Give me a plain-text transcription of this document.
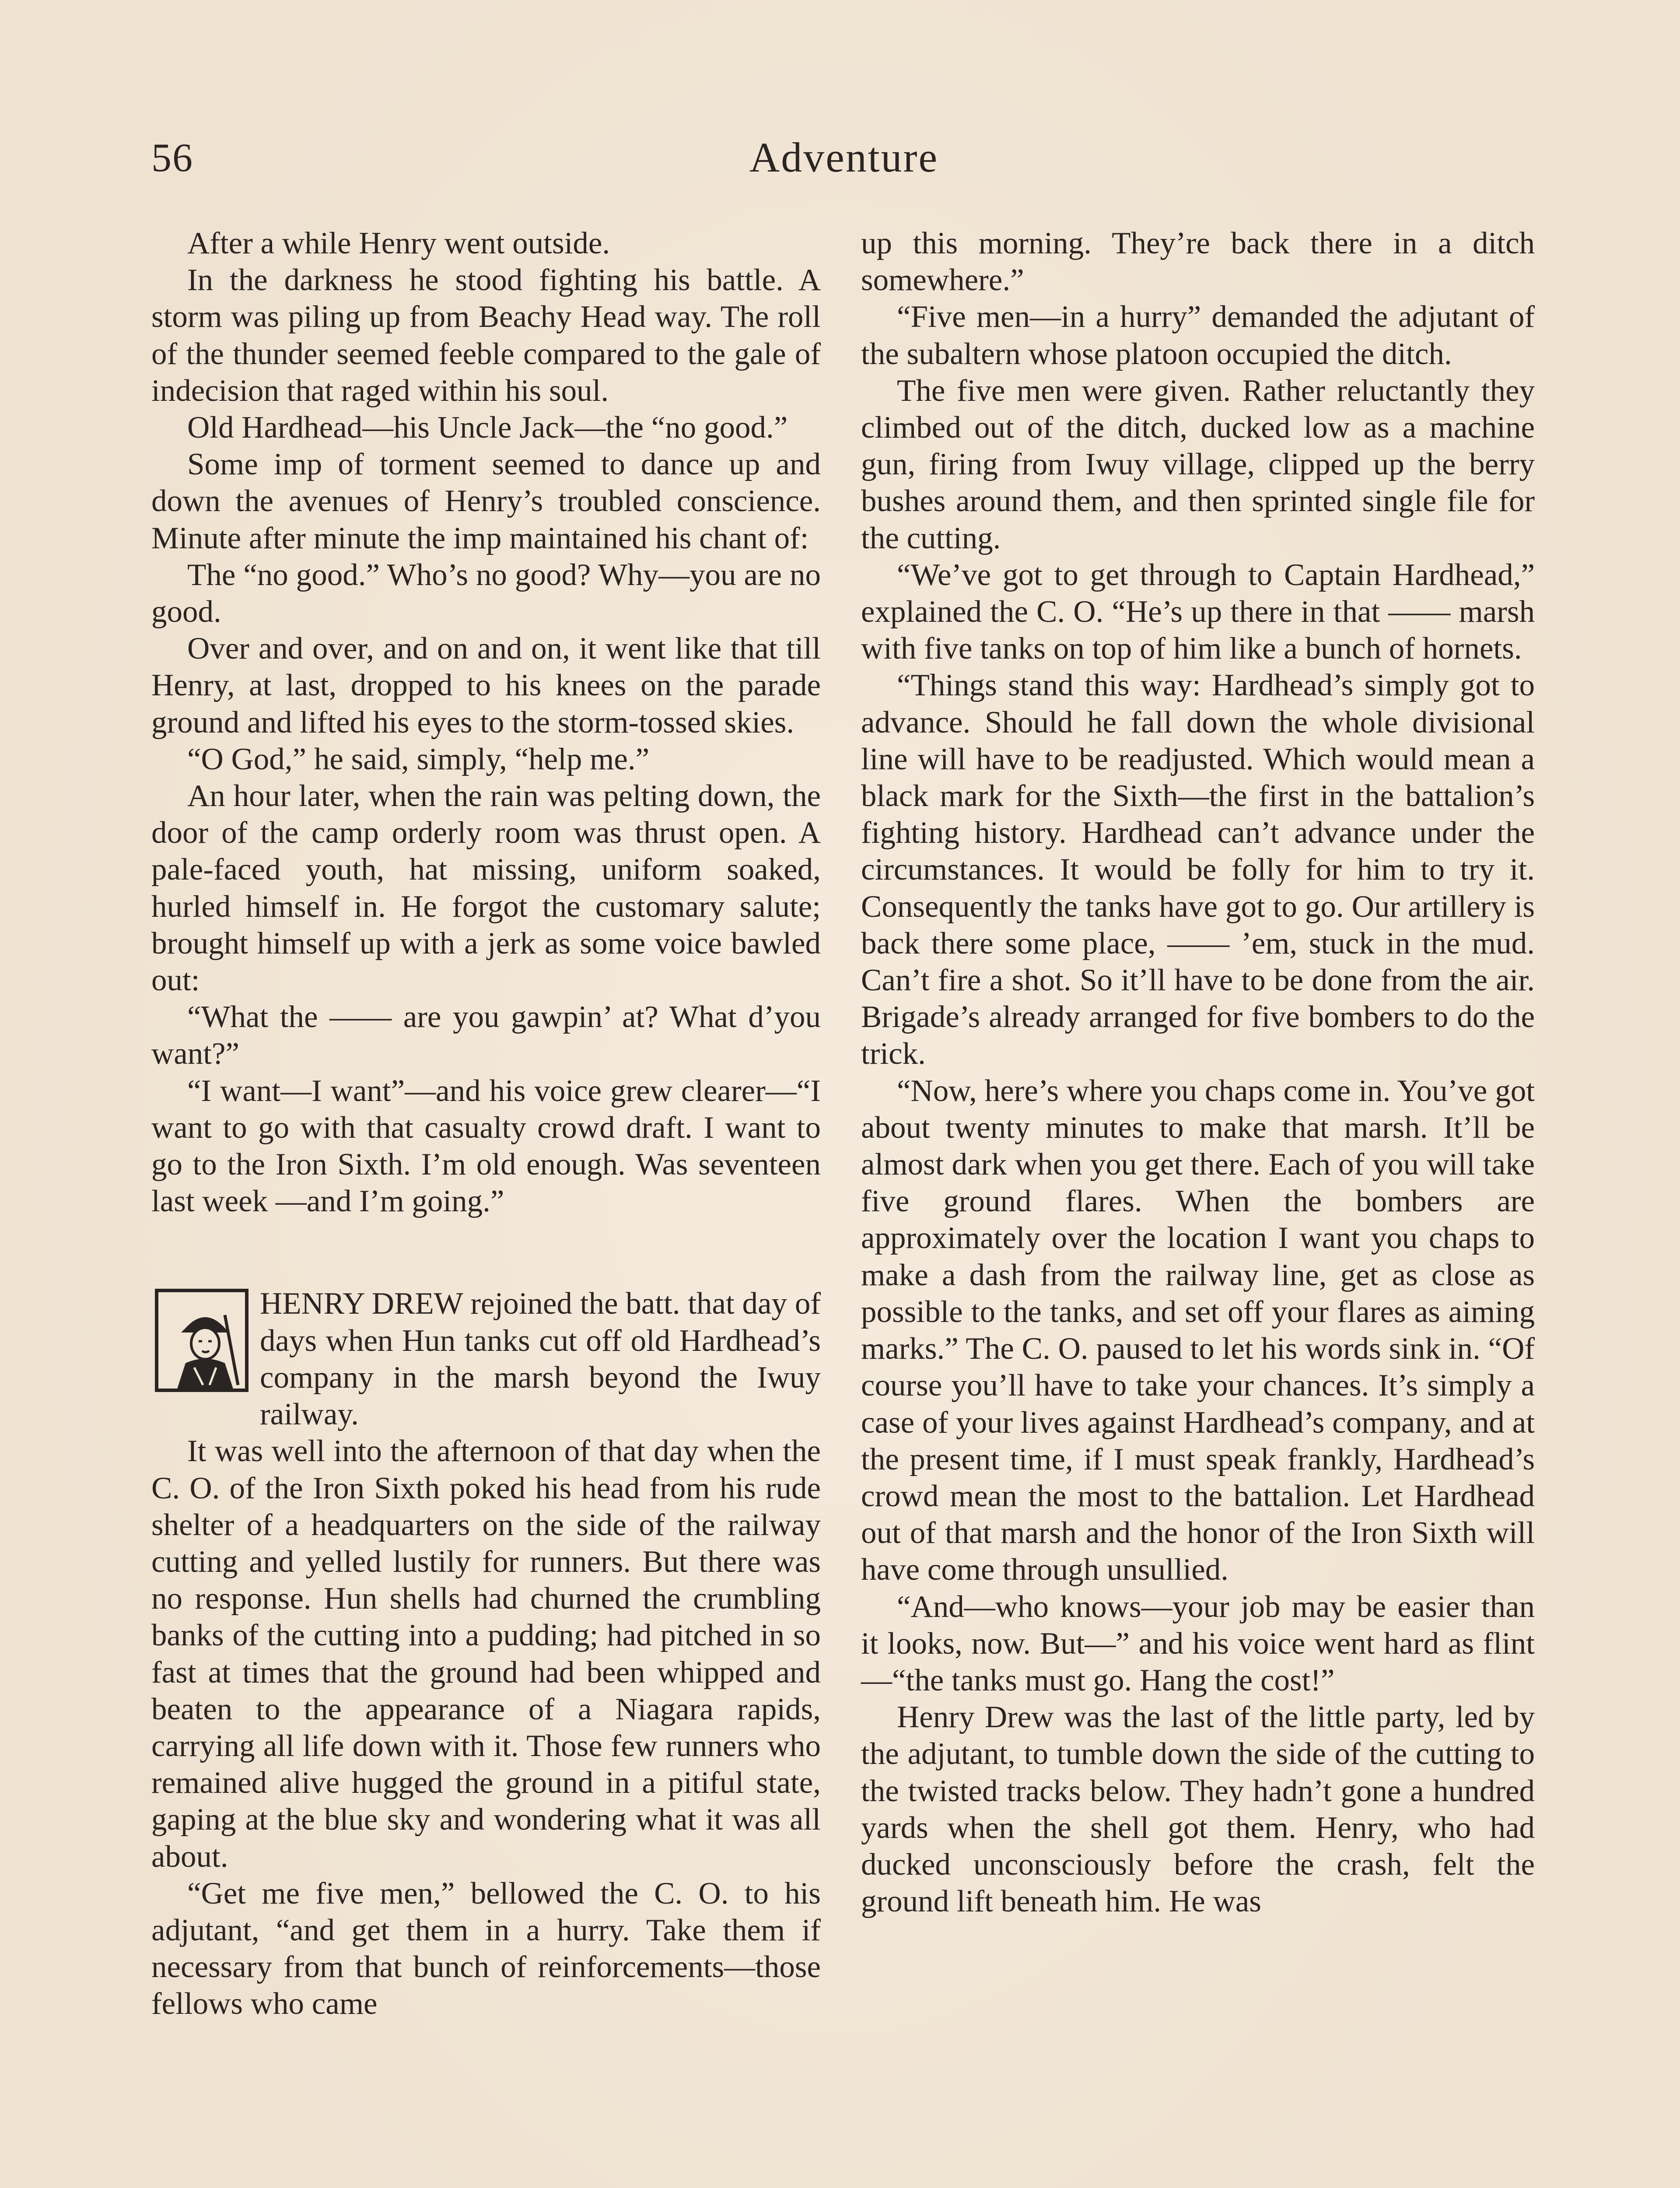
56	Adventure

After a while Henry went outside.

In the darkness he stood fighting his battle. A storm was piling up from Beachy Head way. The roll of the thunder seemed feeble compared to the gale of indecision that raged within his soul.

Old Hardhead—his Uncle Jack—the “no good.”

Some imp of torment seemed to dance up and down the avenues of Henry’s troubled conscience. Minute after minute the imp maintained his chant of:

The “no good.” Who’s no good? Why—you are no good.

Over and over, and on and on, it went like that till Henry, at last, dropped to his knees on the parade ground and lifted his eyes to the storm-tossed skies.

“O God,” he said, simply, “help me.”

An hour later, when the rain was pelting down, the door of the camp orderly room was thrust open. A pale-faced youth, hat missing, uniform soaked, hurled himself in. He forgot the customary salute; brought himself up with a jerk as some voice bawled out:

“What the —— are you gawpin’ at? What d’you want?”

“I want—I want”—and his voice grew clearer—“I want to go with that casualty crowd draft. I want to go to the Iron Sixth. I’m old enough. Was seventeen last week —and I’m going.”

HENRY DREW rejoined the batt. that day of days when Hun tanks cut off old Hardhead’s company in the marsh beyond the Iwuy railway.

It was well into the afternoon of that day when the C. O. of the Iron Sixth poked his head from his rude shelter of a headquarters on the side of the railway cutting and yelled lustily for runners. But there was no response. Hun shells had churned the crumbling banks of the cutting into a pudding; had pitched in so fast at times that the ground had been whipped and beaten to the appearance of a Niagara rapids, carrying all life down with it. Those few runners who remained alive hugged the ground in a pitiful state, gaping at the blue sky and wondering what it was all about.

“Get me five men,” bellowed the C. O. to his adjutant, “and get them in a hurry. Take them if necessary from that bunch of reinforcements—those fellows who came

up this morning. They’re back there in a ditch somewhere.”

“Five men—in a hurry” demanded the adjutant of the subaltern whose platoon occupied the ditch.

The five men were given. Rather reluctantly they climbed out of the ditch, ducked low as a machine gun, firing from Iwuy village, clipped up the berry bushes around them, and then sprinted single file for the cutting.

“We’ve got to get through to Captain Hardhead,” explained the C. O. “He’s up there in that —— marsh with five tanks on top of him like a bunch of hornets.

“Things stand this way: Hardhead’s simply got to advance. Should he fall down the whole divisional line will have to be readjusted. Which would mean a black mark for the Sixth—the first in the battalion’s fighting history. Hardhead can’t advance under the circumstances. It would be folly for him to try it. Consequently the tanks have got to go. Our artillery is back there some place, —— ’em, stuck in the mud. Can’t fire a shot. So it’ll have to be done from the air. Brigade’s already arranged for five bombers to do the trick.

“Now, here’s where you chaps come in. You’ve got about twenty minutes to make that marsh. It’ll be almost dark when you get there. Each of you will take five ground flares. When the bombers are approximately over the location I want you chaps to make a dash from the railway line, get as close as possible to the tanks, and set off your flares as aiming marks.” The C. O. paused to let his words sink in. “Of course you’ll have to take your chances. It’s simply a case of your lives against Hardhead’s company, and at the present time, if I must speak frankly, Hardhead’s crowd mean the most to the battalion. Let Hardhead out of that marsh and the honor of the Iron Sixth will have come through unsullied.

“And—who knows—your job may be easier than it looks, now. But—” and his voice went hard as flint—“the tanks must go. Hang the cost!”

Henry Drew was the last of the little party, led by the adjutant, to tumble down the side of the cutting to the twisted tracks below. They hadn’t gone a hundred yards when the shell got them. Henry, who had ducked unconsciously before the crash, felt the ground lift beneath him. He was
